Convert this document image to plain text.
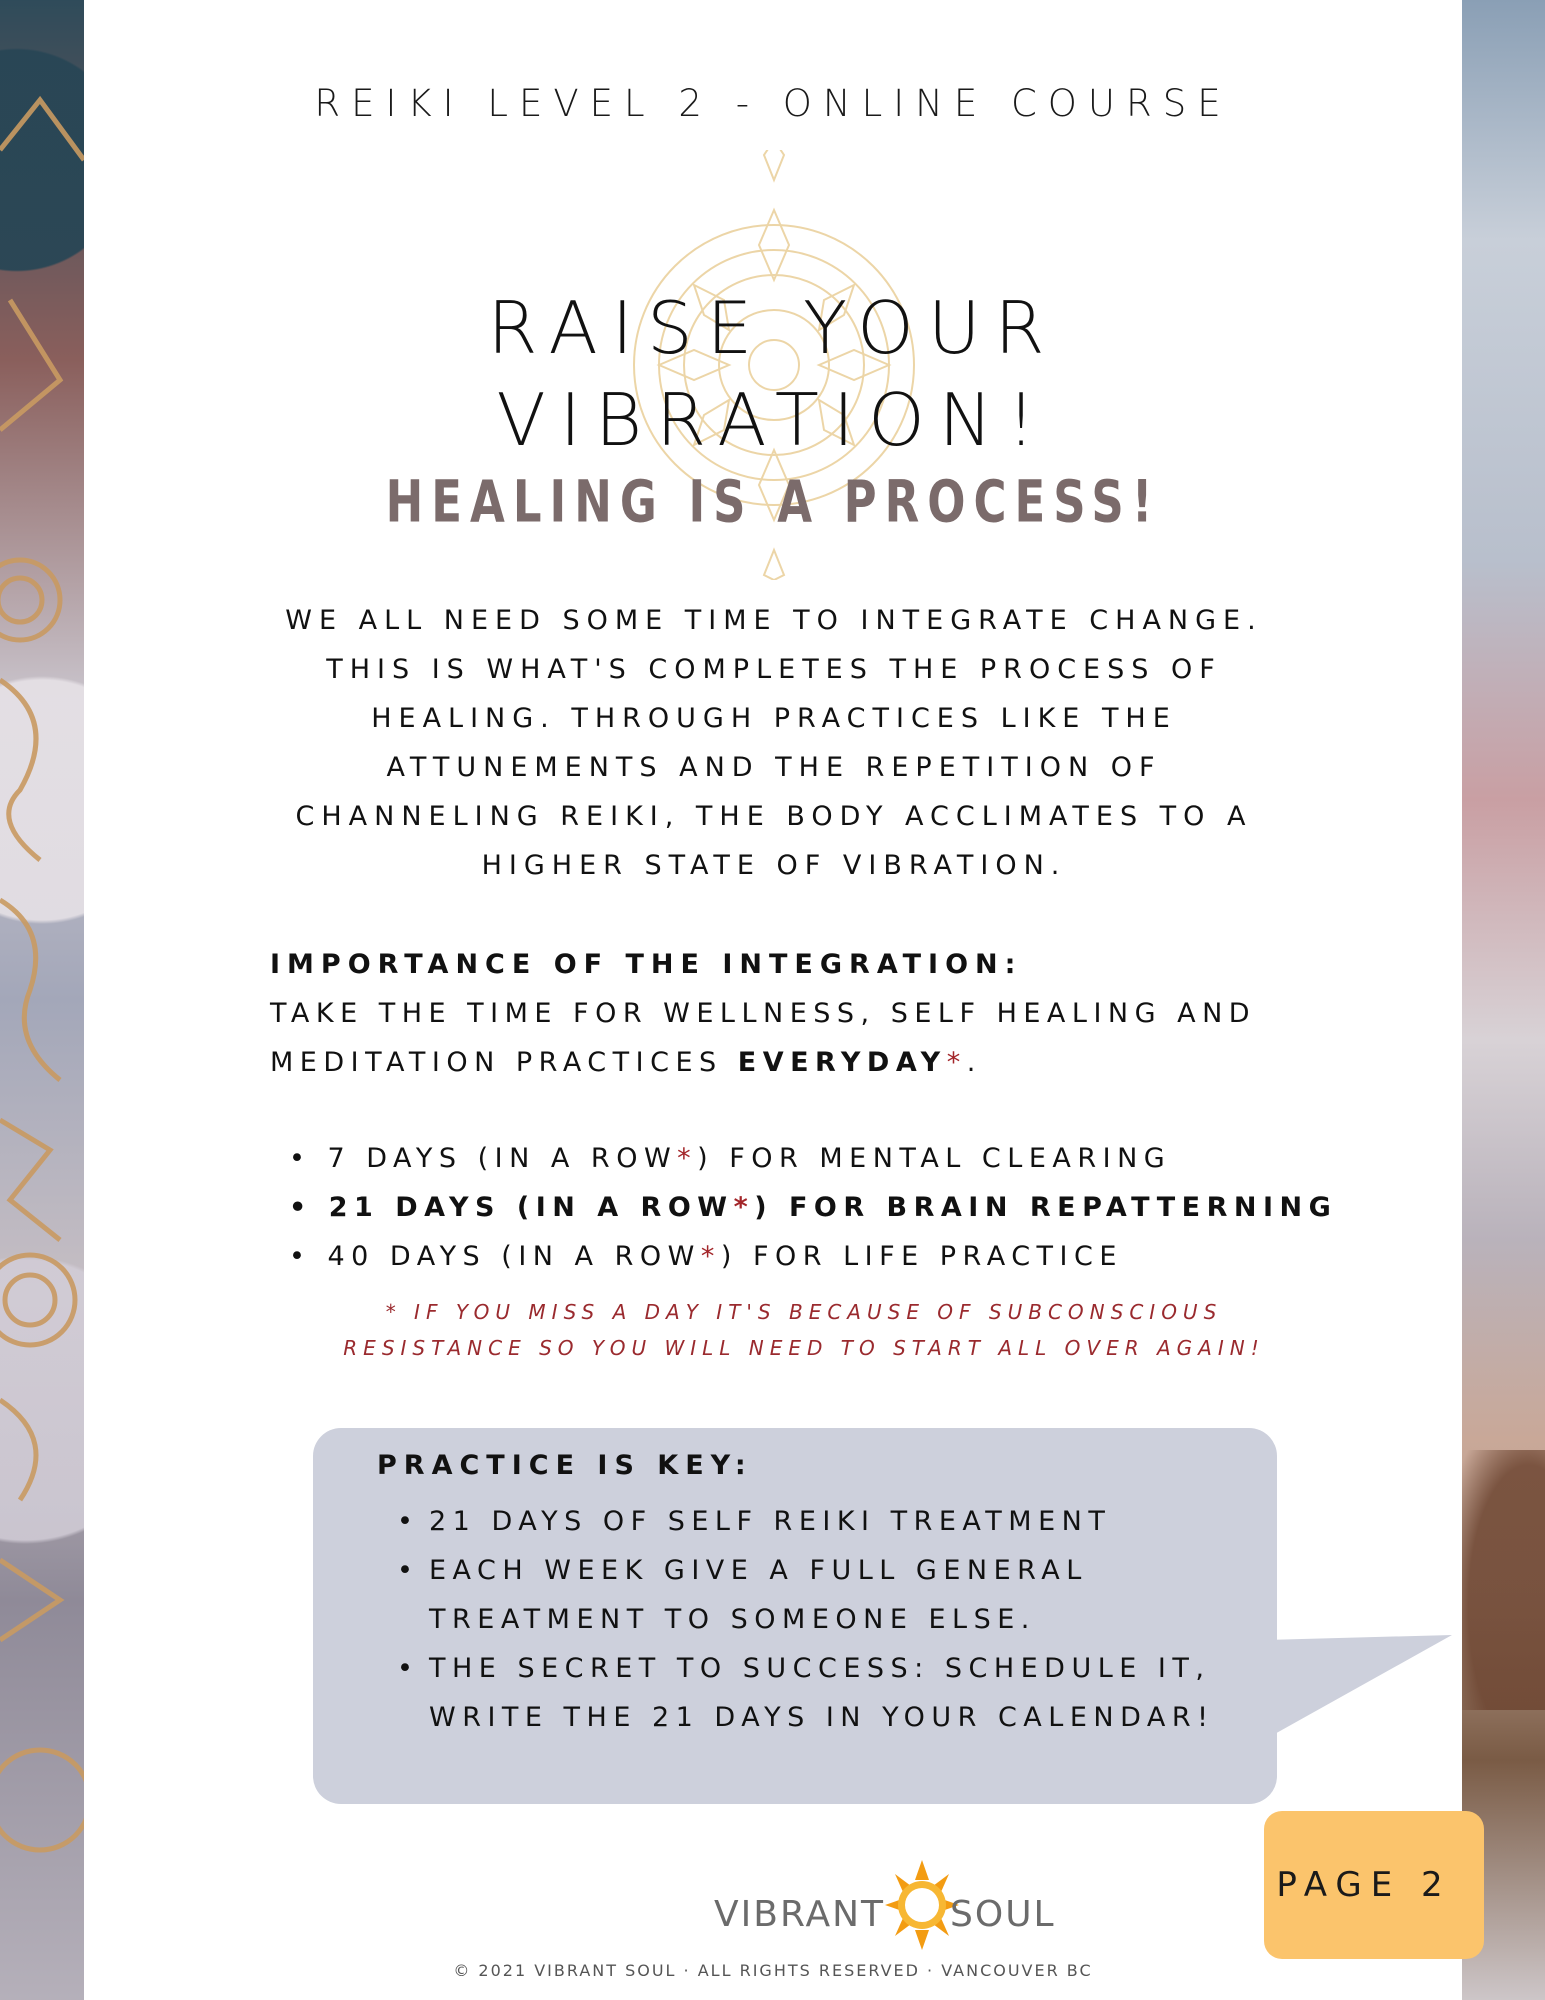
REIKI LEVEL 2 - ONLINE COURSE
RAISE YOUR
VIBRATION!
HEALING IS A PROCESS!
WE ALL NEED SOME TIME TO INTEGRATE CHANGE.
THIS IS WHAT'S COMPLETES THE PROCESS OF
HEALING. THROUGH PRACTICES LIKE THE
ATTUNEMENTS AND THE REPETITION OF
CHANNELING REIKI, THE BODY ACCLIMATES TO A
HIGHER STATE OF VIBRATION.
IMPORTANCE OF THE INTEGRATION:
TAKE THE TIME FOR WELLNESS, SELF HEALING AND
MEDITATION PRACTICES EVERYDAY*.
• 7 DAYS (IN A ROW*) FOR MENTAL CLEARING
• 21 DAYS (IN A ROW*) FOR BRAIN REPATTERNING
• 40 DAYS (IN A ROW*) FOR LIFE PRACTICE
* IF YOU MISS A DAY IT'S BECAUSE OF SUBCONSCIOUS
RESISTANCE SO YOU WILL NEED TO START ALL OVER AGAIN!
PRACTICE IS KEY:
• 21 DAYS OF SELF REIKI TREATMENT
• EACH WEEK GIVE A FULL GENERAL TREATMENT TO SOMEONE ELSE.
• THE SECRET TO SUCCESS: SCHEDULE IT, WRITE THE 21 DAYS IN YOUR CALENDAR!
VIBRANT SOUL
© 2021 VIBRANT SOUL · ALL RIGHTS RESERVED · VANCOUVER BC
PAGE 2
